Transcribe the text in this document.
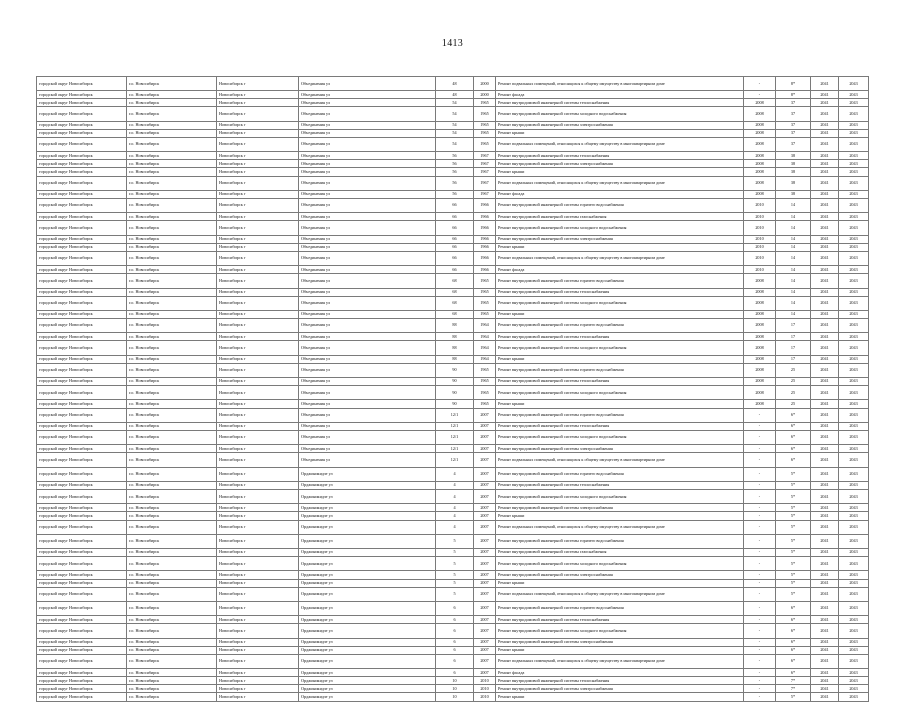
1413
городской округ Новосибирск	г.о. Новосибирск	Новосибирск г	Объединения ул	48	2000	Ремонт подвальных помещений, относящихся к общему имуществу в многоквартирном доме	-	8*	2041	2043
городской округ Новосибирск	г.о. Новосибирск	Новосибирск г	Объединения ул	48	2000	Ремонт фасада	-	8*	2041	2043
городской округ Новосибирск	г.о. Новосибирск	Новосибирск г	Объединения ул	54	1965	Ремонт внутридомовой инженерной системы теплоснабжения	2008	37	2041	2043
городской округ Новосибирск	г.о. Новосибирск	Новосибирск г	Объединения ул	54	1965	Ремонт внутридомовой инженерной системы холодного водоснабжения	2008	37	2041	2043
городской округ Новосибирск	г.о. Новосибирск	Новосибирск г	Объединения ул	54	1965	Ремонт внутридомовой инженерной системы электроснабжения	2008	37	2041	2043
городской округ Новосибирск	г.о. Новосибирск	Новосибирск г	Объединения ул	54	1965	Ремонт крыши	2008	37	2041	2043
городской округ Новосибирск	г.о. Новосибирск	Новосибирск г	Объединения ул	54	1965	Ремонт подвальных помещений, относящихся к общему имуществу в многоквартирном доме	2008	37	2041	2043
городской округ Новосибирск	г.о. Новосибирск	Новосибирск г	Объединения ул	56	1967	Ремонт внутридомовой инженерной системы теплоснабжения	2008	38	2041	2043
городской округ Новосибирск	г.о. Новосибирск	Новосибирск г	Объединения ул	56	1967	Ремонт внутридомовой инженерной системы электроснабжения	2008	38	2041	2043
городской округ Новосибирск	г.о. Новосибирск	Новосибирск г	Объединения ул	56	1967	Ремонт крыши	2008	38	2041	2043
городской округ Новосибирск	г.о. Новосибирск	Новосибирск г	Объединения ул	56	1967	Ремонт подвальных помещений, относящихся к общему имуществу в многоквартирном доме	2008	38	2041	2043
городской округ Новосибирск	г.о. Новосибирск	Новосибирск г	Объединения ул	56	1967	Ремонт фасада	2008	38	2041	2043
городской округ Новосибирск	г.о. Новосибирск	Новосибирск г	Объединения ул	66	1966	Ремонт внутридомовой инженерной системы горячего водоснабжения	2010	14	2041	2043
городской округ Новосибирск	г.о. Новосибирск	Новосибирск г	Объединения ул	66	1966	Ремонт внутридомовой инженерной системы газоснабжения	2010	14	2041	2043
городской округ Новосибирск	г.о. Новосибирск	Новосибирск г	Объединения ул	66	1966	Ремонт внутридомовой инженерной системы холодного водоснабжения	2010	14	2041	2043
городской округ Новосибирск	г.о. Новосибирск	Новосибирск г	Объединения ул	66	1966	Ремонт внутридомовой инженерной системы электроснабжения	2010	14	2041	2043
городской округ Новосибирск	г.о. Новосибирск	Новосибирск г	Объединения ул	66	1966	Ремонт крыши	2010	14	2041	2043
городской округ Новосибирск	г.о. Новосибирск	Новосибирск г	Объединения ул	66	1966	Ремонт подвальных помещений, относящихся к общему имуществу в многоквартирном доме	2010	14	2041	2043
городской округ Новосибирск	г.о. Новосибирск	Новосибирск г	Объединения ул	66	1966	Ремонт фасада	2010	14	2041	2043
городской округ Новосибирск	г.о. Новосибирск	Новосибирск г	Объединения ул	68	1965	Ремонт внутридомовой инженерной системы горячего водоснабжения	2008	14	2041	2043
городской округ Новосибирск	г.о. Новосибирск	Новосибирск г	Объединения ул	68	1965	Ремонт внутридомовой инженерной системы теплоснабжения	2008	14	2041	2043
городской округ Новосибирск	г.о. Новосибирск	Новосибирск г	Объединения ул	68	1965	Ремонт внутридомовой инженерной системы холодного водоснабжения	2008	14	2041	2043
городской округ Новосибирск	г.о. Новосибирск	Новосибирск г	Объединения ул	68	1965	Ремонт крыши	2008	14	2041	2043
городской округ Новосибирск	г.о. Новосибирск	Новосибирск г	Объединения ул	88	1964	Ремонт внутридомовой инженерной системы горячего водоснабжения	2008	17	2041	2043
городской округ Новосибирск	г.о. Новосибирск	Новосибирск г	Объединения ул	88	1964	Ремонт внутридомовой инженерной системы теплоснабжения	2008	17	2041	2043
городской округ Новосибирск	г.о. Новосибирск	Новосибирск г	Объединения ул	88	1964	Ремонт внутридомовой инженерной системы холодного водоснабжения	2008	17	2041	2043
городской округ Новосибирск	г.о. Новосибирск	Новосибирск г	Объединения ул	88	1964	Ремонт крыши	2008	17	2041	2043
городской округ Новосибирск	г.о. Новосибирск	Новосибирск г	Объединения ул	90	1965	Ремонт внутридомовой инженерной системы горячего водоснабжения	2008	25	2041	2043
городской округ Новосибирск	г.о. Новосибирск	Новосибирск г	Объединения ул	90	1965	Ремонт внутридомовой инженерной системы теплоснабжения	2008	25	2041	2043
городской округ Новосибирск	г.о. Новосибирск	Новосибирск г	Объединения ул	90	1965	Ремонт внутридомовой инженерной системы холодного водоснабжения	2008	25	2041	2043
городской округ Новосибирск	г.о. Новосибирск	Новосибирск г	Объединения ул	90	1965	Ремонт крыши	2008	25	2041	2043
городской округ Новосибирск	г.о. Новосибирск	Новосибирск г	Объединения ул	12/1	2007	Ремонт внутридомовой инженерной системы горячего водоснабжения	-	6*	2041	2043
городской округ Новосибирск	г.о. Новосибирск	Новосибирск г	Объединения ул	12/1	2007	Ремонт внутридомовой инженерной системы теплоснабжения	-	6*	2041	2043
городской округ Новосибирск	г.о. Новосибирск	Новосибирск г	Объединения ул	12/1	2007	Ремонт внутридомовой инженерной системы холодного водоснабжения	-	6*	2041	2043
городской округ Новосибирск	г.о. Новосибирск	Новосибирск г	Объединения ул	12/1	2007	Ремонт внутридомовой инженерной системы электроснабжения	-	6*	2041	2043
городской округ Новосибирск	г.о. Новосибирск	Новосибирск г	Объединения ул	12/1	2007	Ремонт подвальных помещений, относящихся к общему имуществу в многоквартирном доме	-	6*	2041	2043
городской округ Новосибирск	г.о. Новосибирск	Новосибирск г	Орджоникидзе ул	4	2007	Ремонт внутридомовой инженерной системы горячего водоснабжения	-	5*	2041	2043
городской округ Новосибирск	г.о. Новосибирск	Новосибирск г	Орджоникидзе ул	4	2007	Ремонт внутридомовой инженерной системы теплоснабжения	-	5*	2041	2043
городской округ Новосибирск	г.о. Новосибирск	Новосибирск г	Орджоникидзе ул	4	2007	Ремонт внутридомовой инженерной системы холодного водоснабжения	-	5*	2041	2043
городской округ Новосибирск	г.о. Новосибирск	Новосибирск г	Орджоникидзе ул	4	2007	Ремонт внутридомовой инженерной системы электроснабжения	-	5*	2041	2043
городской округ Новосибирск	г.о. Новосибирск	Новосибирск г	Орджоникидзе ул	4	2007	Ремонт крыши	-	5*	2041	2043
городской округ Новосибирск	г.о. Новосибирск	Новосибирск г	Орджоникидзе ул	4	2007	Ремонт подвальных помещений, относящихся к общему имуществу в многоквартирном доме	-	5*	2041	2043
городской округ Новосибирск	г.о. Новосибирск	Новосибирск г	Орджоникидзе ул	5	2007	Ремонт внутридомовой инженерной системы горячего водоснабжения	-	5*	2041	2043
городской округ Новосибирск	г.о. Новосибирск	Новосибирск г	Орджоникидзе ул	5	2007	Ремонт внутридомовой инженерной системы газоснабжения	-	5*	2041	2043
городской округ Новосибирск	г.о. Новосибирск	Новосибирск г	Орджоникидзе ул	5	2007	Ремонт внутридомовой инженерной системы холодного водоснабжения	-	5*	2041	2043
городской округ Новосибирск	г.о. Новосибирск	Новосибирск г	Орджоникидзе ул	5	2007	Ремонт внутридомовой инженерной системы электроснабжения	-	5*	2041	2043
городской округ Новосибирск	г.о. Новосибирск	Новосибирск г	Орджоникидзе ул	5	2007	Ремонт крыши	-	5*	2041	2043
городской округ Новосибирск	г.о. Новосибирск	Новосибирск г	Орджоникидзе ул	5	2007	Ремонт подвальных помещений, относящихся к общему имуществу в многоквартирном доме	-	5*	2041	2043
городской округ Новосибирск	г.о. Новосибирск	Новосибирск г	Орджоникидзе ул	6	2007	Ремонт внутридомовой инженерной системы горячего водоснабжения	-	6*	2041	2043
городской округ Новосибирск	г.о. Новосибирск	Новосибирск г	Орджоникидзе ул	6	2007	Ремонт внутридомовой инженерной системы теплоснабжения	-	6*	2041	2043
городской округ Новосибирск	г.о. Новосибирск	Новосибирск г	Орджоникидзе ул	6	2007	Ремонт внутридомовой инженерной системы холодного водоснабжения	-	6*	2041	2043
городской округ Новосибирск	г.о. Новосибирск	Новосибирск г	Орджоникидзе ул	6	2007	Ремонт внутридомовой инженерной системы электроснабжения	-	6*	2041	2043
городской округ Новосибирск	г.о. Новосибирск	Новосибирск г	Орджоникидзе ул	6	2007	Ремонт крыши	-	6*	2041	2043
городской округ Новосибирск	г.о. Новосибирск	Новосибирск г	Орджоникидзе ул	6	2007	Ремонт подвальных помещений, относящихся к общему имуществу в многоквартирном доме	-	6*	2041	2043
городской округ Новосибирск	г.о. Новосибирск	Новосибирск г	Орджоникидзе ул	6	2007	Ремонт фасада	-	6*	2041	2043
городской округ Новосибирск	г.о. Новосибирск	Новосибирск г	Орджоникидзе ул	10	2010	Ремонт внутридомовой инженерной системы теплоснабжения	-	7*	2041	2043
городской округ Новосибирск	г.о. Новосибирск	Новосибирск г	Орджоникидзе ул	10	2010	Ремонт внутридомовой инженерной системы электроснабжения	-	7*	2041	2043
городской округ Новосибирск	г.о. Новосибирск	Новосибирск г	Орджоникидзе ул	10	2010	Ремонт крыши	-	5*	2041	2043
